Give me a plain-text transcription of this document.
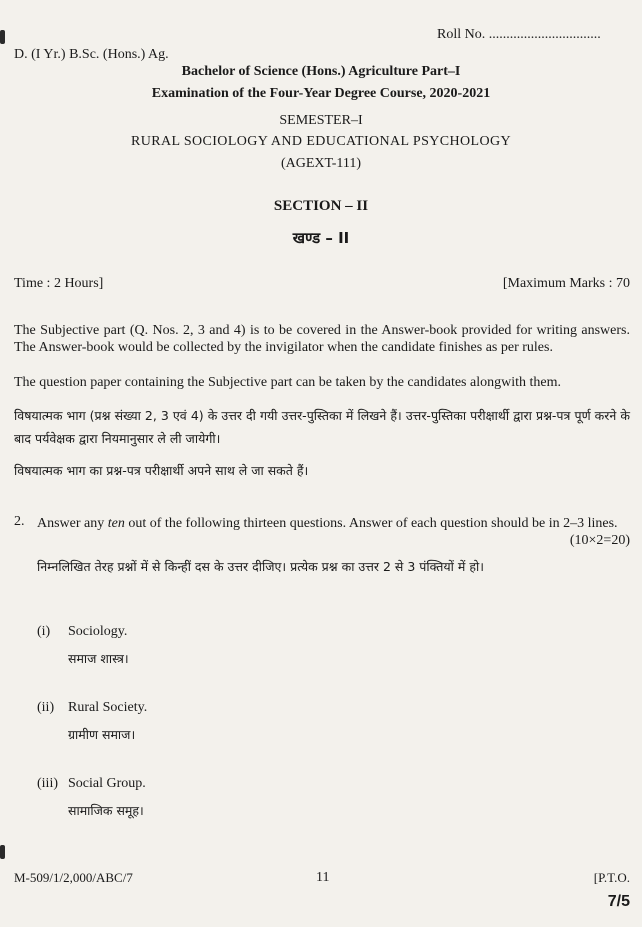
Roll No. ................................
D. (I Yr.) B.Sc. (Hons.) Ag.
Bachelor of Science (Hons.) Agriculture Part–I
Examination of the Four-Year Degree Course, 2020-2021
SEMESTER–I
RURAL SOCIOLOGY AND EDUCATIONAL PSYCHOLOGY
(AGEXT-111)
SECTION – II
खण्ड – II
Time : 2 Hours]	[Maximum Marks : 70
The Subjective part (Q. Nos. 2, 3 and 4) is to be covered in the Answer-book provided for writing answers. The Answer-book would be collected by the invigilator when the candidate finishes as per rules.
The question paper containing the Subjective part can be taken by the candidates alongwith them.
विषयात्मक भाग (प्रश्न संख्या 2, 3 एवं 4) के उत्तर दी गयी उत्तर-पुस्तिका में लिखने हैं। उत्तर-पुस्तिका परीक्षार्थी द्वारा प्रश्न-पत्र पूर्ण करने के बाद पर्यवेक्षक द्वारा नियमानुसार ले ली जायेगी।
विषयात्मक भाग का प्रश्न-पत्र परीक्षार्थी अपने साथ ले जा सकते हैं।
2. Answer any ten out of the following thirteen questions. Answer of each question should be in 2–3 lines.
(10×2=20)
निम्नलिखित तेरह प्रश्नों में से किन्हीं दस के उत्तर दीजिए। प्रत्येक प्रश्न का उत्तर 2 से 3 पंक्तियों में हो।
(i) Sociology.
समाज शास्त्र।
(ii) Rural Society.
ग्रामीण समाज।
(iii) Social Group.
सामाजिक समूह।
M-509/1/2,000/ABC/7	11	[P.T.O.
7/5
